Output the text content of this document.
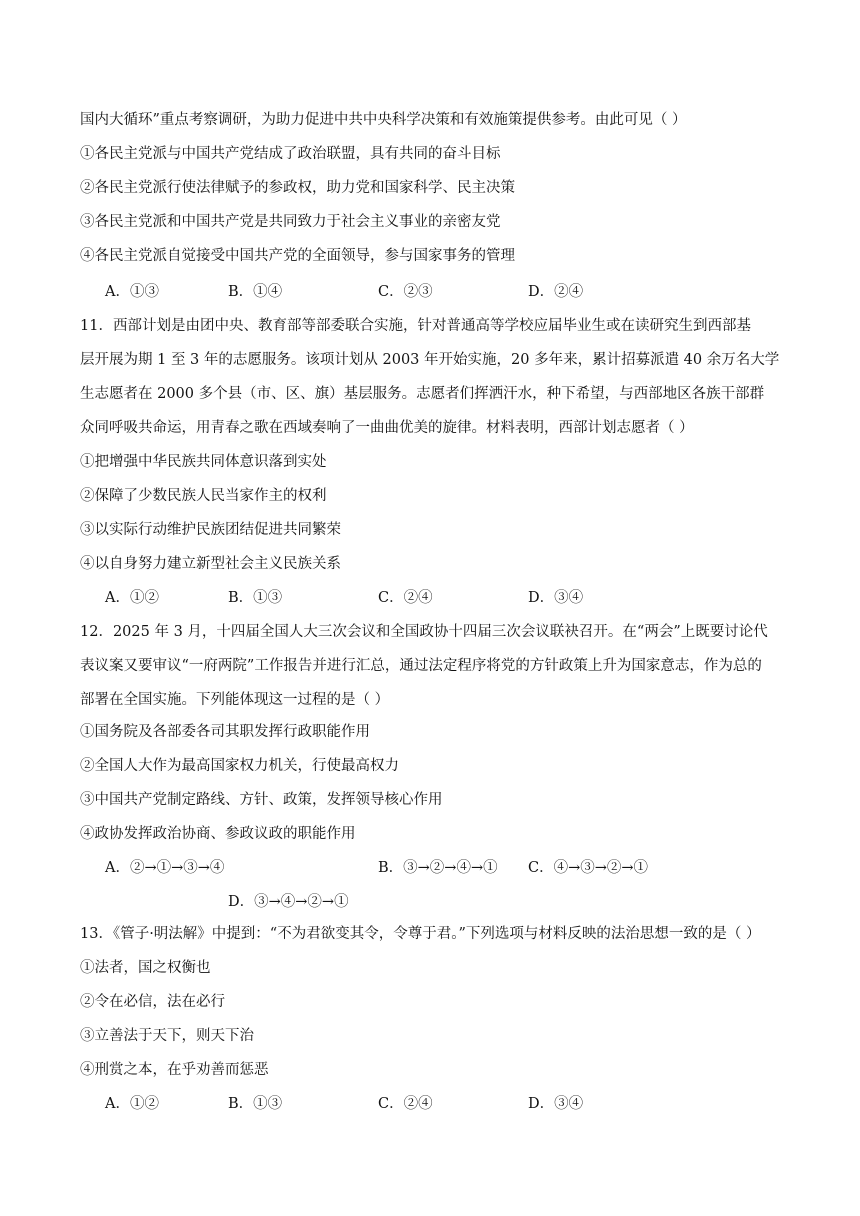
国内大循环”重点考察调研，为助力促进中共中央科学决策和有效施策提供参考。由此可见（ ）
①各民主党派与中国共产党结成了政治联盟，具有共同的奋斗目标
②各民主党派行使法律赋予的参政权，助力党和国家科学、民主决策
③各民主党派和中国共产党是共同致力于社会主义事业的亲密友党
④各民主党派自觉接受中国共产党的全面领导，参与国家事务的管理
A．①③	B．①④	C．②③	D．②④
11．西部计划是由团中央、教育部等部委联合实施，针对普通高等学校应届毕业生或在读研究生到西部基
层开展为期 1 至 3 年的志愿服务。该项计划从 2003 年开始实施，20 多年来，累计招募派遣 40 余万名大学
生志愿者在 2000 多个县（市、区、旗）基层服务。志愿者们挥洒汗水，种下希望，与西部地区各族干部群
众同呼吸共命运，用青春之歌在西域奏响了一曲曲优美的旋律。材料表明，西部计划志愿者（ ）
①把增强中华民族共同体意识落到实处
②保障了少数民族人民当家作主的权利
③以实际行动维护民族团结促进共同繁荣
④以自身努力建立新型社会主义民族关系
A．①②	B．①③	C．②④	D．③④
12．2025 年 3 月，十四届全国人大三次会议和全国政协十四届三次会议联袂召开。在“两会”上既要讨论代
表议案又要审议“一府两院”工作报告并进行汇总，通过法定程序将党的方针政策上升为国家意志，作为总的
部署在全国实施。下列能体现这一过程的是（ ）
①国务院及各部委各司其职发挥行政职能作用
②全国人大作为最高国家权力机关，行使最高权力
③中国共产党制定路线、方针、政策，发挥领导核心作用
④政协发挥政治协商、参政议政的职能作用
A．②→①→③→④	B．③→②→④→① C．④→③→②→①
D．③→④→②→①
13．《管子·明法解》中提到：“不为君欲变其令，令尊于君。”下列选项与材料反映的法治思想一致的是（ ）
①法者，国之权衡也
②令在必信，法在必行
③立善法于天下，则天下治
④刑赏之本，在乎劝善而惩恶
A．①②	B．①③	C．②④	D．③④
